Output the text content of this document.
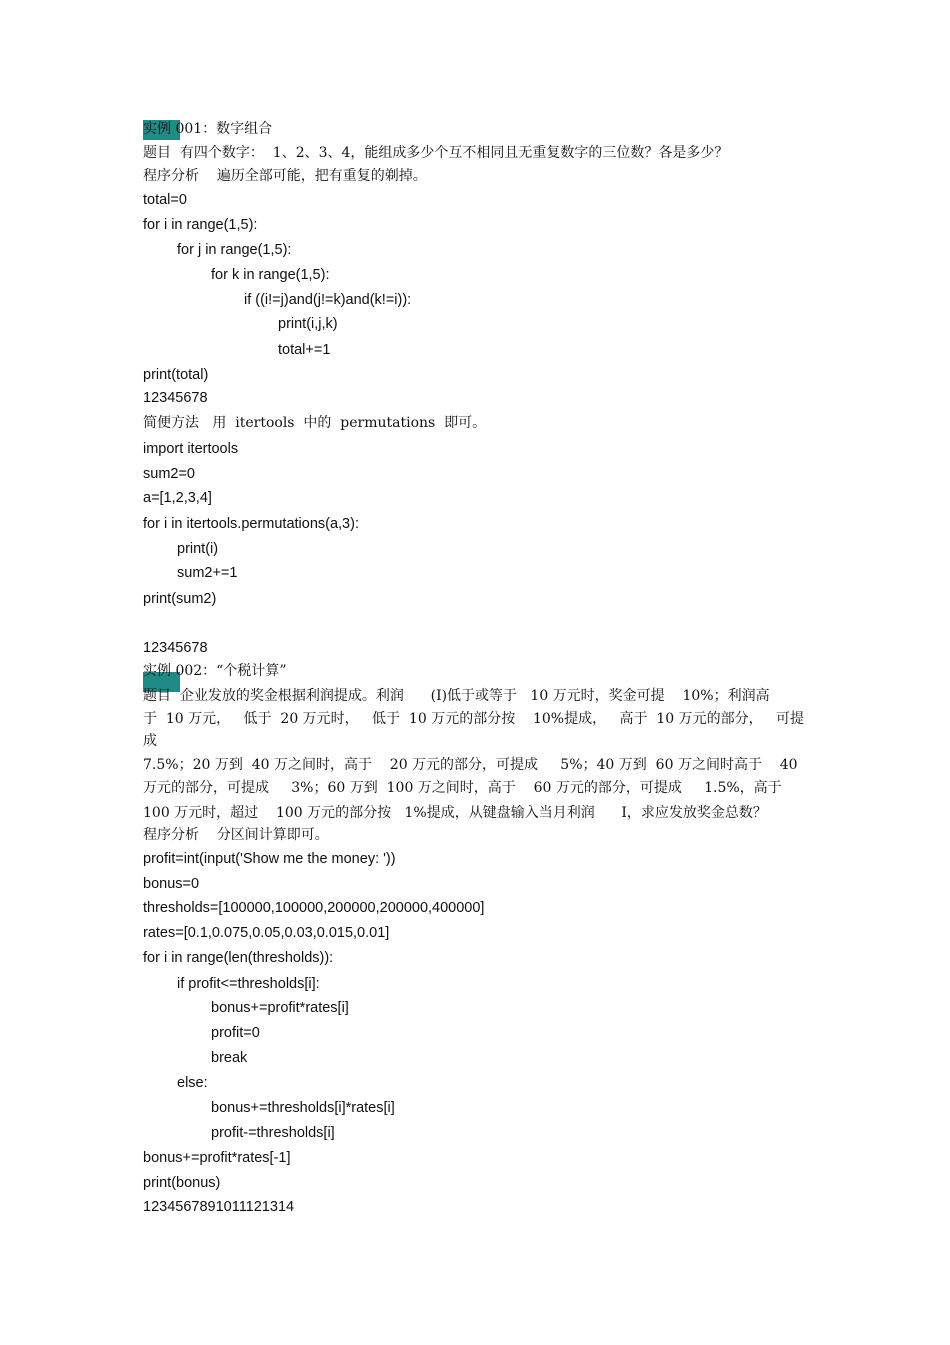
实例 001：数字组合
题目 有四个数字：  1、2、3、4，能组成多少个互不相同且无重复数字的三位数？各是多少？
程序分析 遍历全部可能，把有重复的剃掉。
total=0
for i in range(1,5):
for j in range(1,5):
for k in range(1,5):
if ((i!=j)and(j!=k)and(k!=i)):
print(i,j,k)
total+=1
print(total)
12345678
简便方法   用  itertools  中的  permutations  即可。
import itertools
sum2=0
a=[1,2,3,4]
for i in itertools.permutations(a,3):
print(i)
sum2+=1
print(sum2)
12345678
实例 002：“个税计算”
题目 企业发放的奖金根据利润提成。利润      (I)低于或等于   10 万元时，奖金可提    10%；利润高
于  10 万元，   低于  20 万元时，   低于  10 万元的部分按    10%提成，   高于  10 万元的部分，   可提
成
7.5%；20 万到  40 万之间时，高于    20 万元的部分，可提成     5%；40 万到  60 万之间时高于    40
万元的部分，可提成     3%；60 万到  100 万之间时，高于    60 万元的部分，可提成     1.5%，高于
100 万元时，超过    100 万元的部分按   1%提成，从键盘输入当月利润      I，求应发放奖金总数？
程序分析 分区间计算即可。
profit=int(input('Show me the money: '))
bonus=0
thresholds=[100000,100000,200000,200000,400000]
rates=[0.1,0.075,0.05,0.03,0.015,0.01]
for i in range(len(thresholds)):
if profit<=thresholds[i]:
bonus+=profit*rates[i]
profit=0
break
else:
bonus+=thresholds[i]*rates[i]
profit-=thresholds[i]
bonus+=profit*rates[-1]
print(bonus)
1234567891011121314
